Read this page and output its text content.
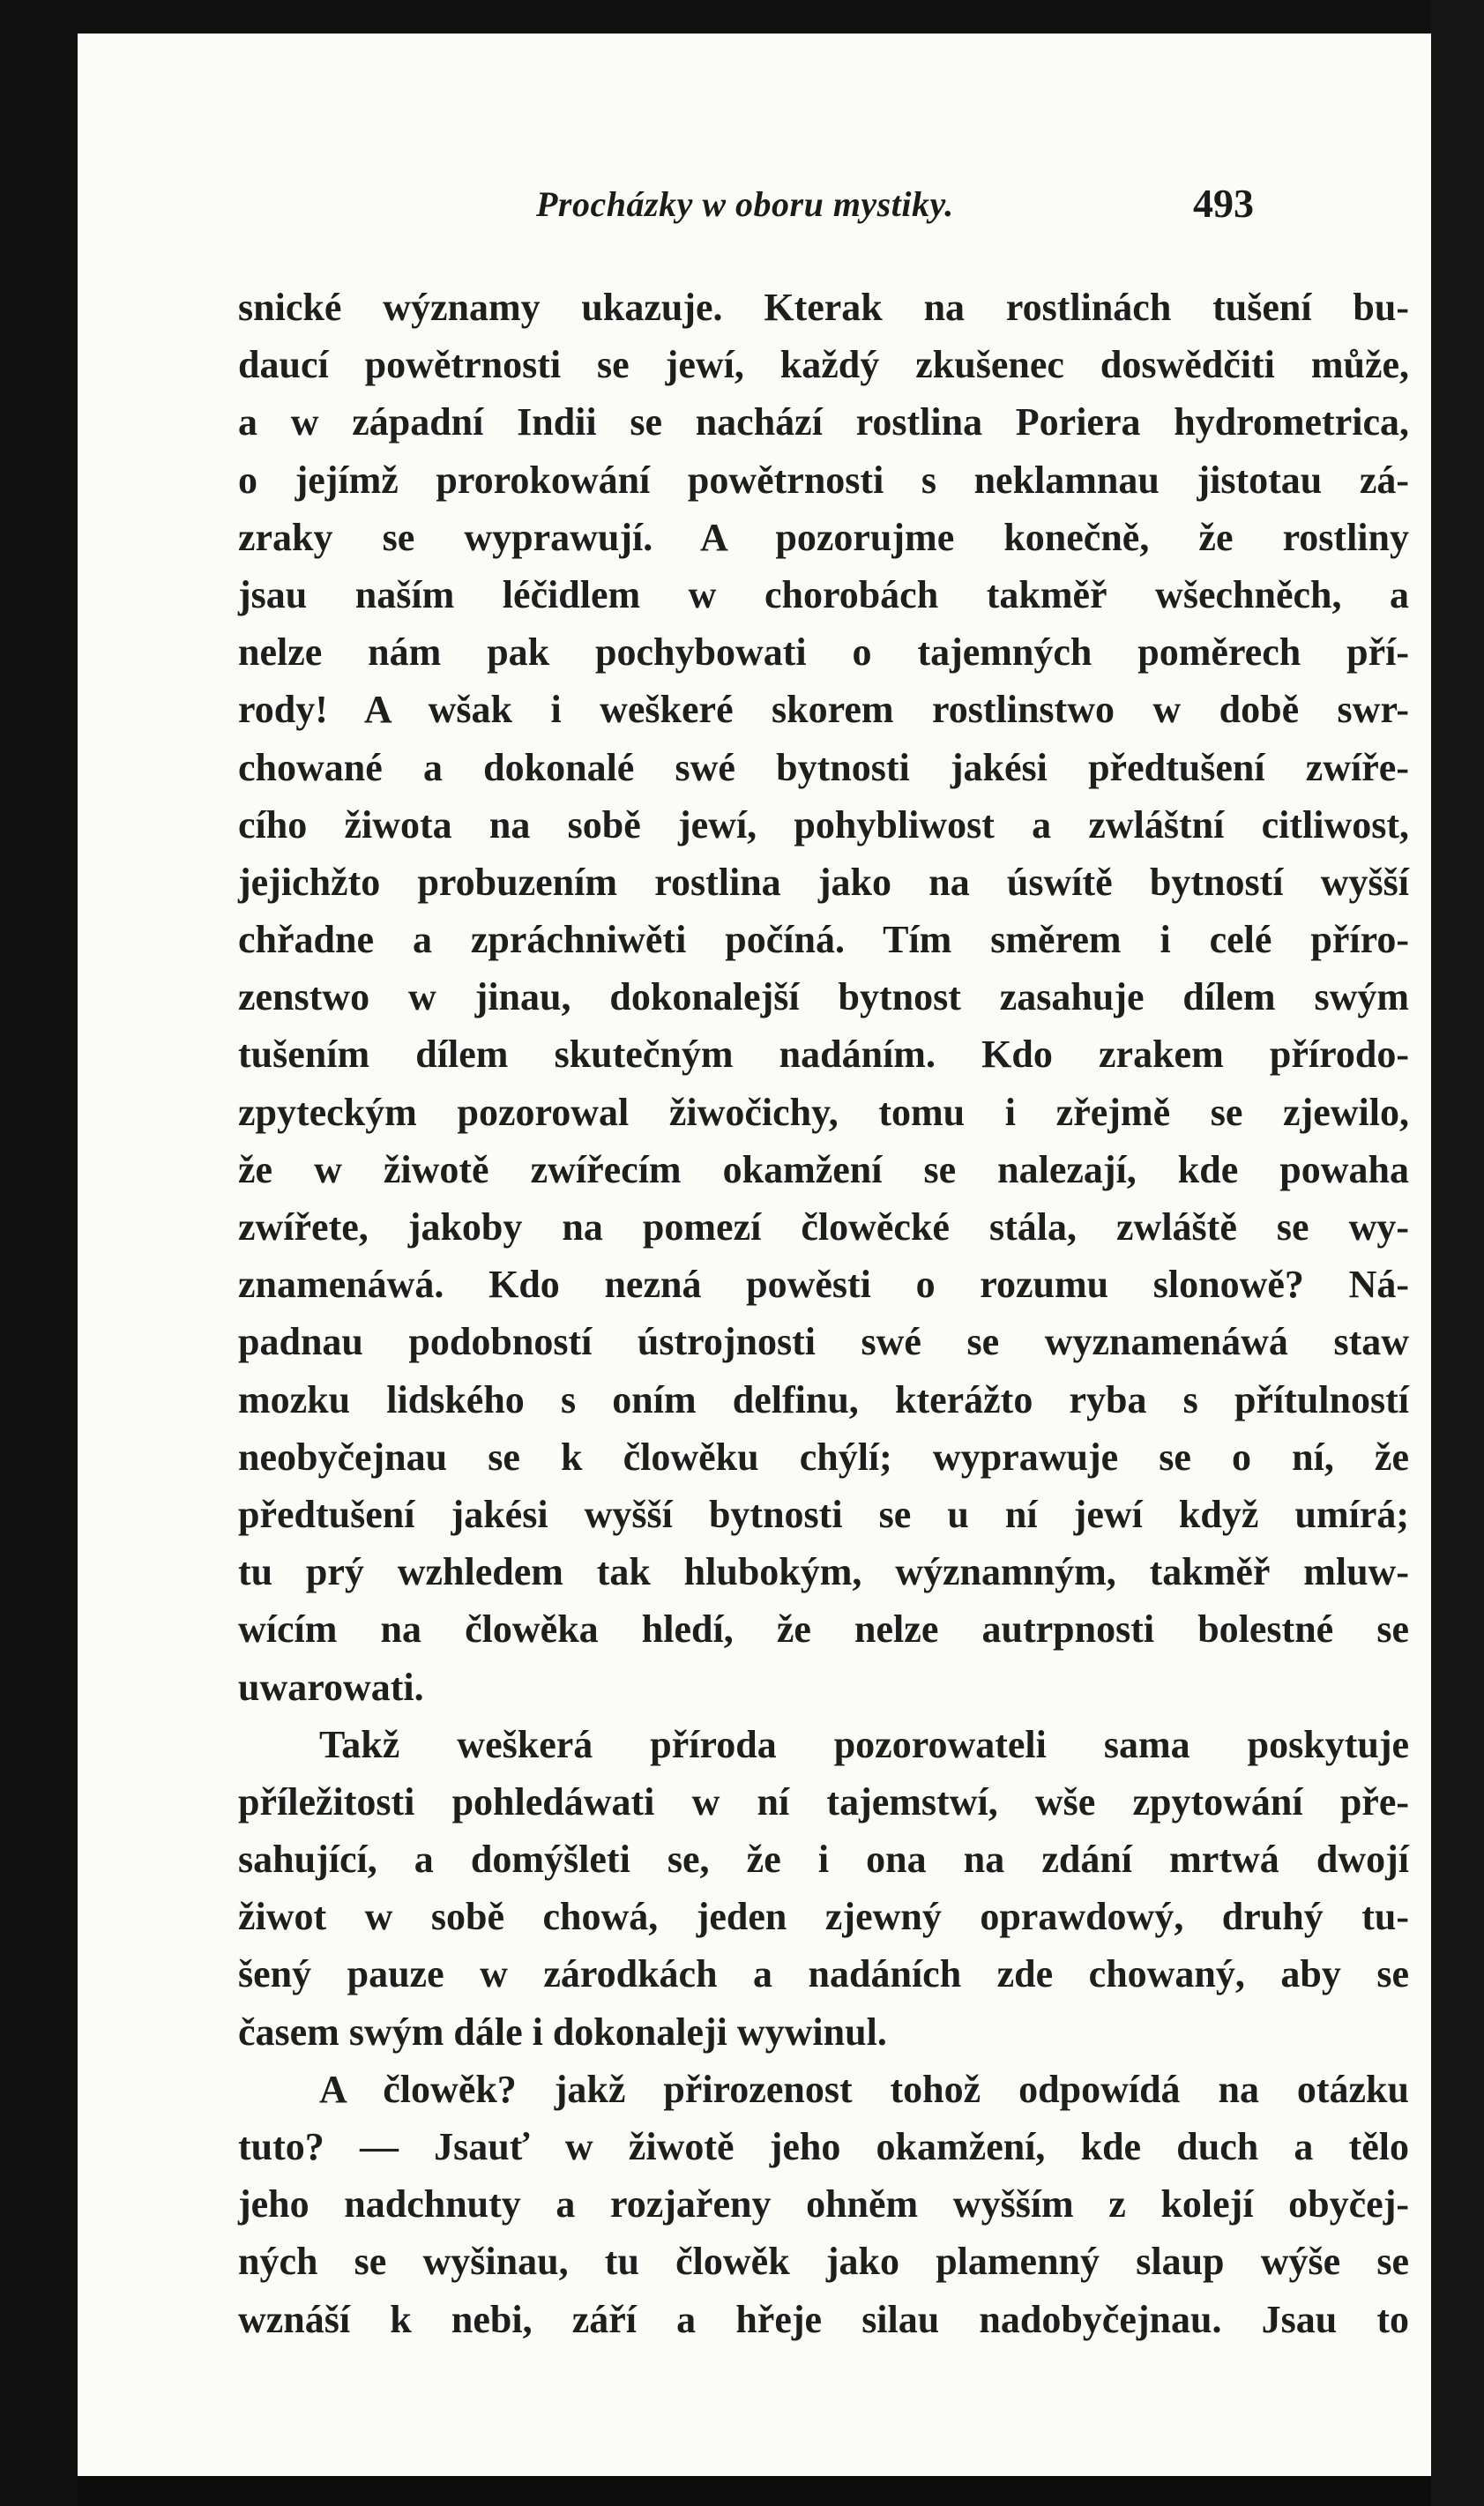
Procházky w oboru mystiky.	493
snické wýznamy ukazuje. Kterak na rostlinách tušení bu-
daucí powětrnosti se jewí, každý zkušenec doswědčiti může,
a w západní Indii se nachází rostlina Poriera hydrometrica,
o jejímž prorokowání powětrnosti s neklamnau jistotau zá-
zraky se wyprawují. A pozorujme konečně, že rostliny
jsau naším léčidlem w chorobách takměř wšechněch, a
nelze nám pak pochybowati o tajemných poměrech pří-
rody! A wšak i weškeré skorem rostlinstwo w době swr-
chowané a dokonalé swé bytnosti jakési předtušení zwíře-
cího žiwota na sobě jewí, pohybliwost a zwláštní citliwost,
jejichžto probuzením rostlina jako na úswítě bytností wyšší
chřadne a zpráchniwěti počíná. Tím směrem i celé příro-
zenstwo w jinau, dokonalejší bytnost zasahuje dílem swým
tušením dílem skutečným nadáním. Kdo zrakem přírodo-
zpyteckým pozorowal žiwočichy, tomu i zřejmě se zjewilo,
že w žiwotě zwířecím okamžení se nalezají, kde powaha
zwířete, jakoby na pomezí člowěcké stála, zwláště se wy-
znamenáwá. Kdo nezná powěsti o rozumu slonowě? Ná-
padnau podobností ústrojnosti swé se wyznamenáwá staw
mozku lidského s oním delfinu, kterážto ryba s přítulností
neobyčejnau se k člowěku chýlí; wyprawuje se o ní, že
předtušení jakési wyšší bytnosti se u ní jewí když umírá;
tu prý wzhledem tak hlubokým, wýznamným, takměř mluw-
wícím na člowěka hledí, že nelze autrpnosti bolestné se
uwarowati.
Takž weškerá příroda pozorowateli sama poskytuje
příležitosti pohledáwati w ní tajemstwí, wše zpytowání pře-
sahující, a domýšleti se, že i ona na zdání mrtwá dwojí
žiwot w sobě chowá, jeden zjewný oprawdowý, druhý tu-
šený pauze w zárodkách a nadáních zde chowaný, aby se
časem swým dále i dokonaleji wywinul.
A člowěk? jakž přirozenost tohož odpowídá na otázku
tuto? — Jsauť w žiwotě jeho okamžení, kde duch a tělo
jeho nadchnuty a rozjařeny ohněm wyšším z kolejí obyčej-
ných se wyšinau, tu člowěk jako plamenný slaup wýše se
wznáší k nebi, září a hřeje silau nadobyčejnau. Jsau to
